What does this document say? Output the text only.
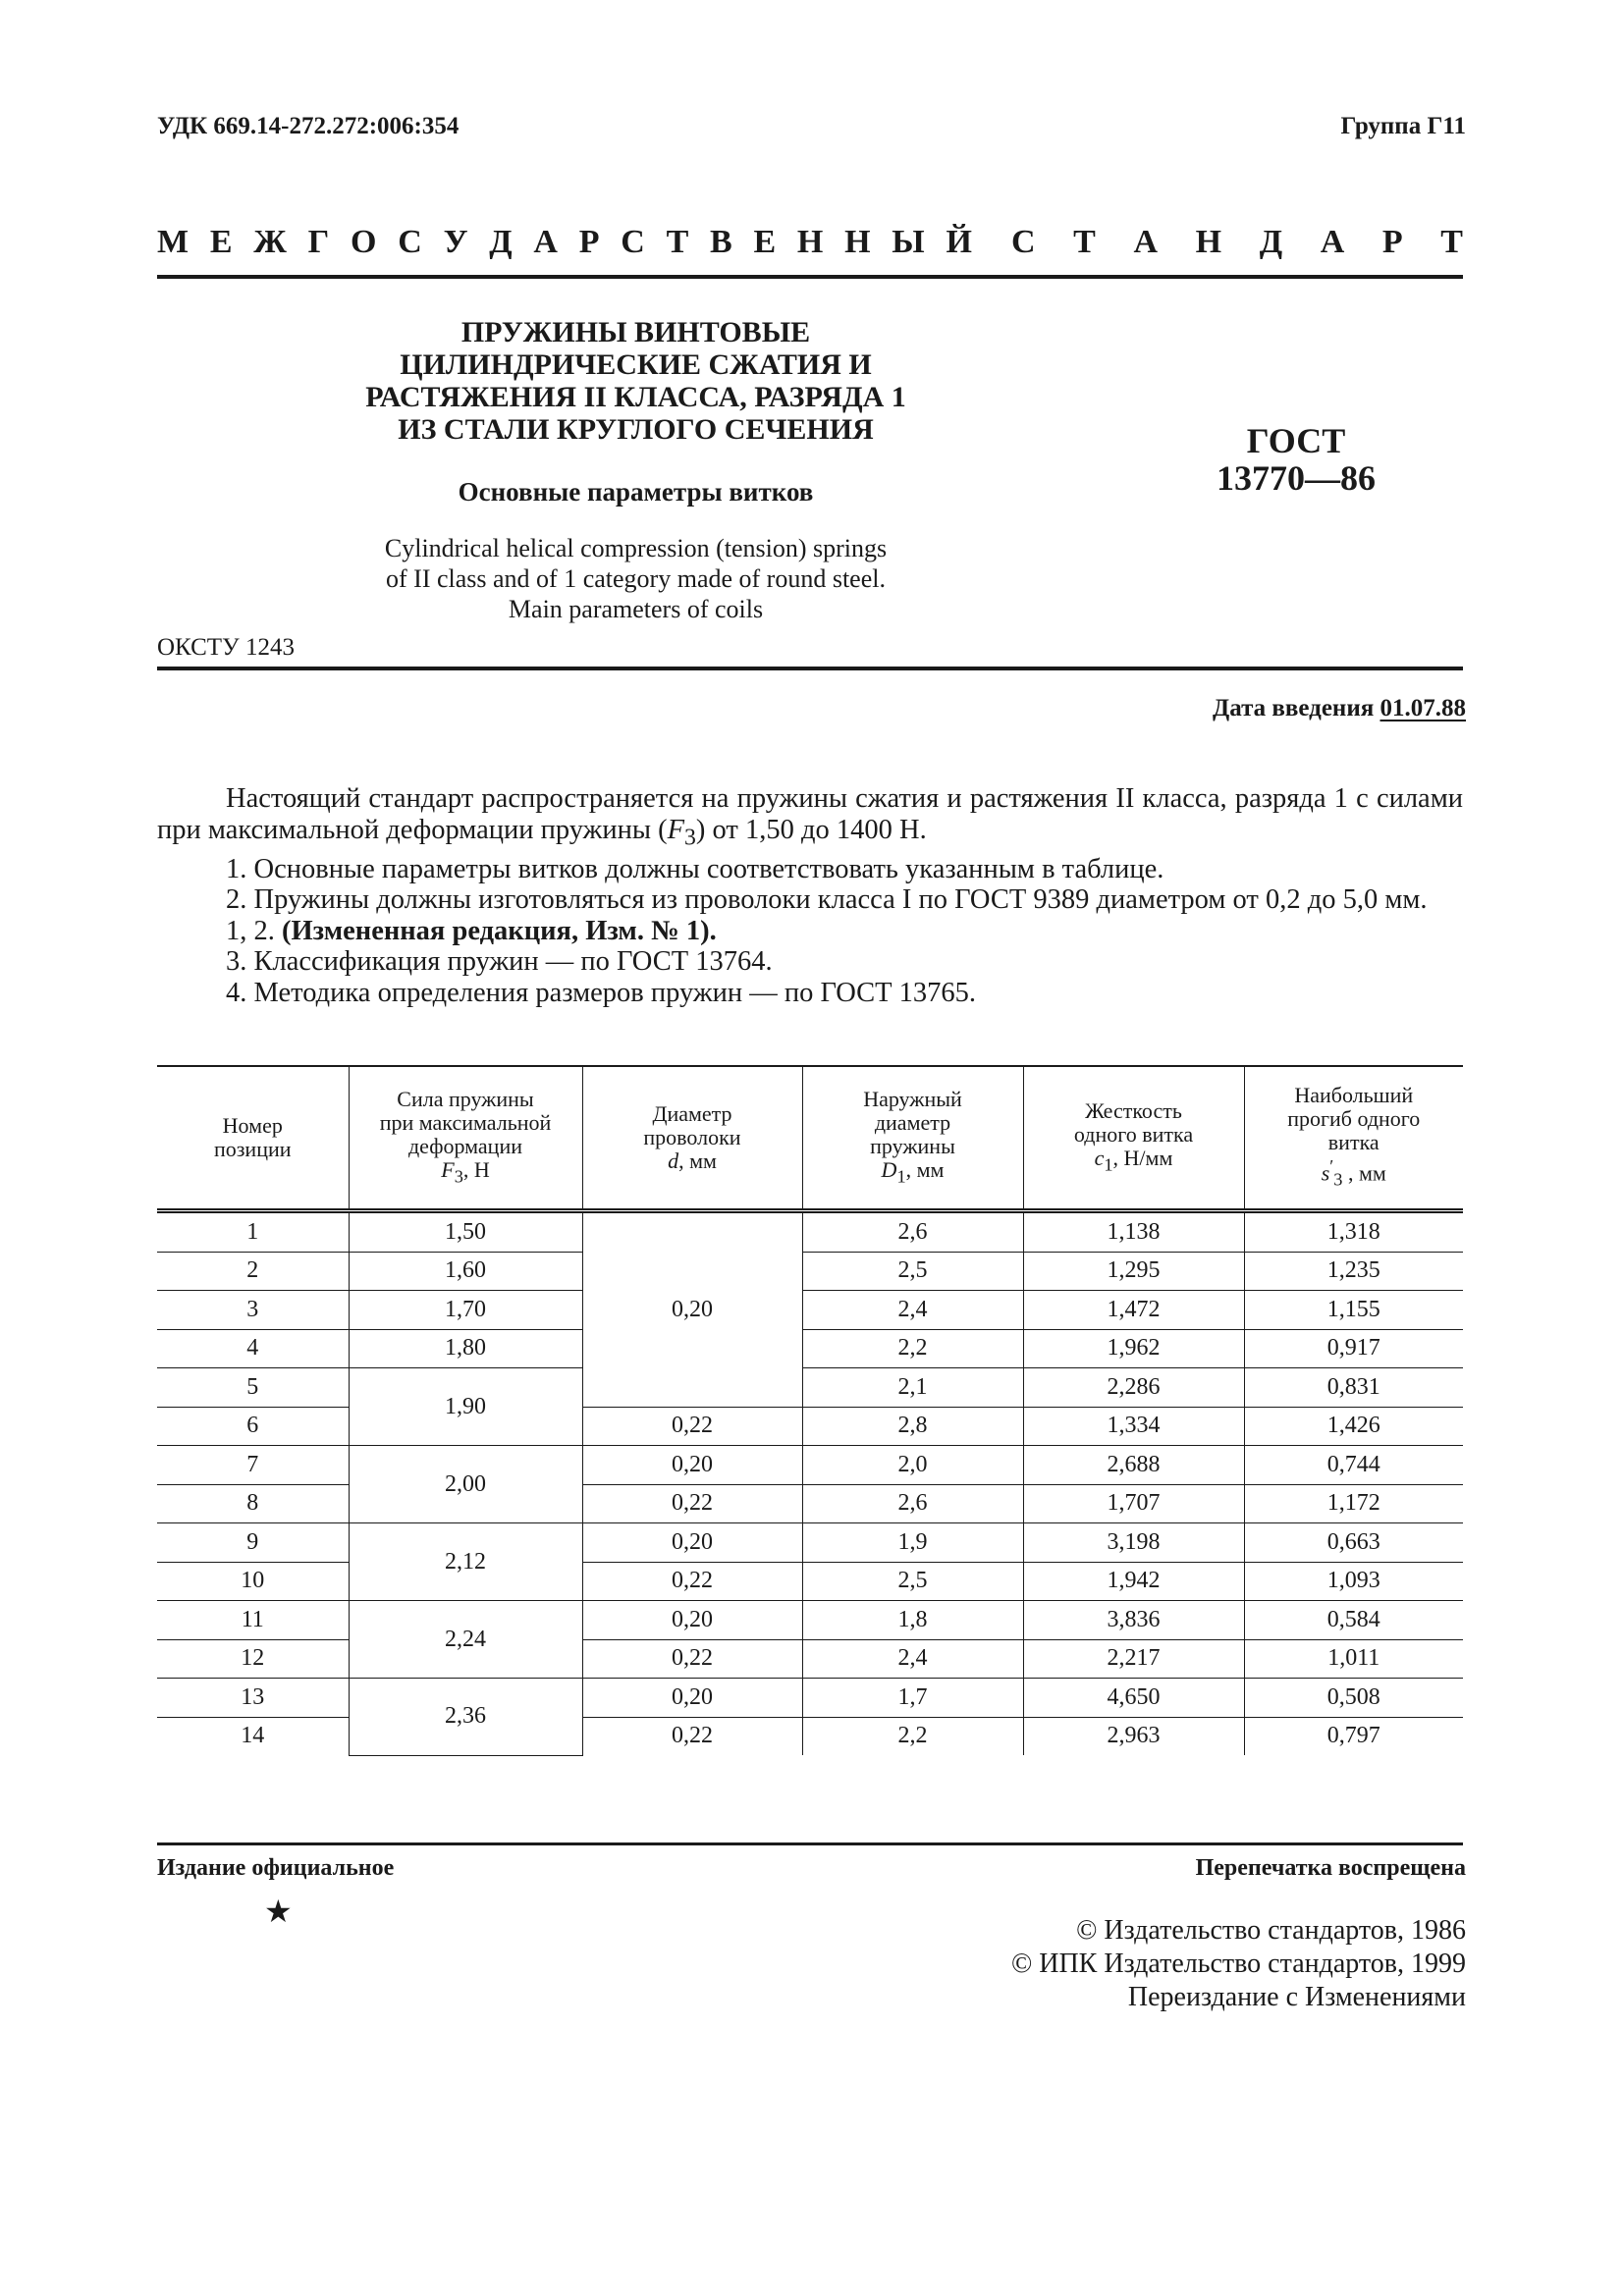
УДК 669.14-272.272:006:354	Группа Г11
М Е Ж Г О С У Д А Р С Т В Е Н Н Ы Й С Т А Н Д А Р Т
ПРУЖИНЫ ВИНТОВЫЕ
ЦИЛИНДРИЧЕСКИЕ СЖАТИЯ И
РАСТЯЖЕНИЯ II КЛАССА, РАЗРЯДА 1
ИЗ СТАЛИ КРУГЛОГО СЕЧЕНИЯ
Основные параметры витков
Cylindrical helical compression (tension) springs
of II class and of 1 category made of round steel.
Main parameters of coils
ГОСТ
13770—86
ОКСТУ 1243
Дата введения 01.07.88

Настоящий стандарт распространяется на пружины сжатия и растяжения II класса, разряда 1 с силами при максимальной деформации пружины $(F_3)$ от 1,50 до 1400 Н.

1. Основные параметры витков должны соответствовать указанным в таблице.

2. Пружины должны изготовляться из проволоки класса I по ГОСТ 9389 диаметром от 0,2 до 5,0 мм.

1, 2. (Измененная редакция, Изм. № 1).

3. Классификация пружин — по ГОСТ 13764.

4. Методика определения размеров пружин — по ГОСТ 13765.

Номер
позиции	Сила пружины
при максимальной
деформации
$F_3$, Н	Диаметр
проволоки
d, мм	Наружный
диаметр
пружины
$D_1$, мм	Жесткость
одного витка
$c_1$, Н/мм	Наибольший
прогиб одного
витка
$s'_3$ , мм
1	1,50	0,20	2,6	1,138	1,318
2	1,60		2,5	1,295	1,235
3	1,70		2,4	1,472	1,155
4	1,80		2,2	1,962	0,917
5	1,90		2,1	2,286	0,831
6		0,22	2,8	1,334	1,426
7	2,00	0,20	2,0	2,688	0,744
8		0,22	2,6	1,707	1,172
9	2,12	0,20	1,9	3,198	0,663
10		0,22	2,5	1,942	1,093
11	2,24	0,20	1,8	3,836	0,584
12		0,22	2,4	2,217	1,011
13	2,36	0,20	1,7	4,650	0,508
14		0,22	2,2	2,963	0,797
Издание официальное	Перепечатка воспрещена
★
© Издательство стандартов, 1986
© ИПК Издательство стандартов, 1999
Переиздание с Изменениями
